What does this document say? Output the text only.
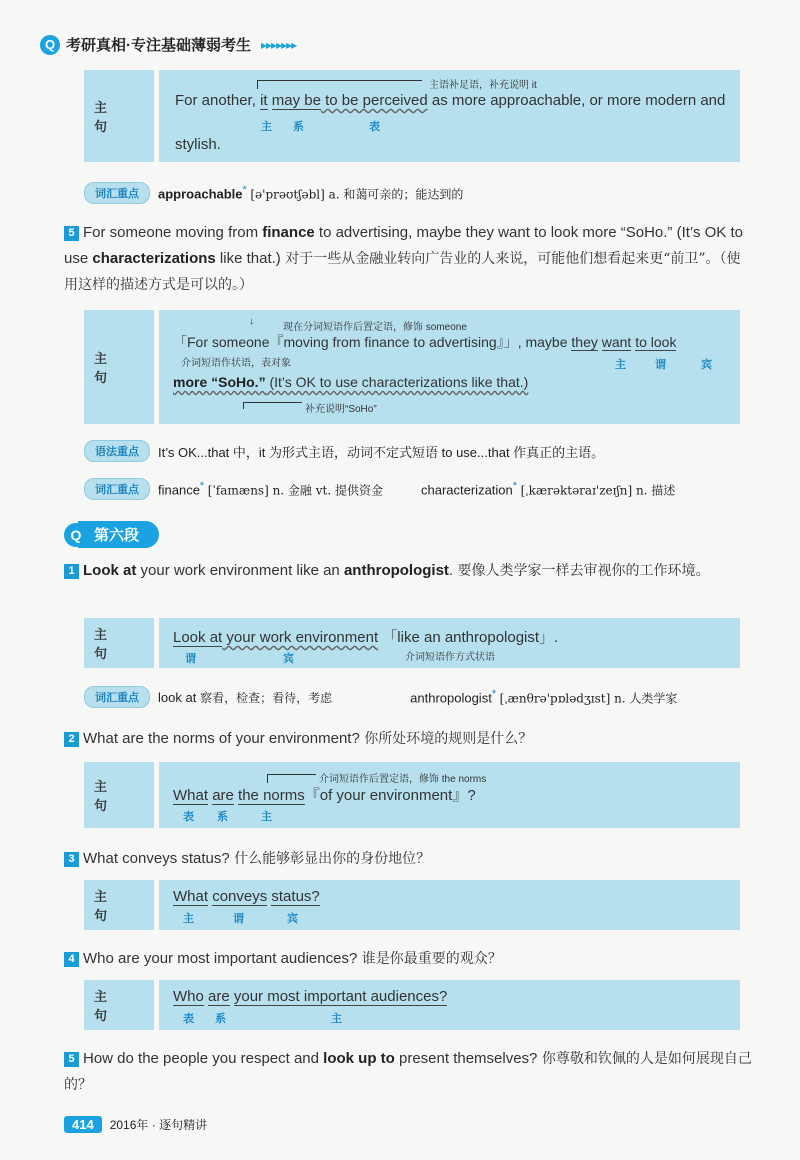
Q 考研真相·专注基础薄弱考生 ▸▸▸▸▸▸▸
主 句
主语补足语，补充说明 it
For another, it may be to be perceived as more approachable, or more modern and
主 系	表
stylish.
词汇重点	approachable* [ə'prəʊtʃəbl] a. 和蔼可亲的；能达到的
5 For someone moving from finance to advertising, maybe they want to look more “SoHo.” (It’s OK to use characterizations like that.) 对于一些从金融业转向广告业的人来说，可能他们想看起来更“前卫”。（使用这样的描述方式是可以的。）
主 句
↓
现在分词短语作后置定语，修饰 someone
「For someone『moving from finance to advertising』」, maybe they want to look
介词短语作状语，表对象	主	谓	宾
more “SoHo.” (It’s OK to use characterizations like that.)
补充说明“SoHo”
语法重点	It’s OK...that 中，it 为形式主语，动词不定式短语 to use...that 作真正的主语。
词汇重点	finance* [ˈfaɪnæns] n. 金融 vt. 提供资金	characterization* [ˌkærəktəraɪ'zeɪʃn] n. 描述
Q 第六段
1 Look at your work environment like an anthropologist. 要像人类学家一样去审视你的工作环境。
主 句
Look at your work environment 「like an anthropologist」.
谓	宾	介词短语作方式状语
词汇重点	look at 察看，检查；看待，考虑	anthropologist* [ˌænθrə'pɒlədʒɪst] n. 人类学家
2 What are the norms of your environment? 你所处环境的规则是什么？
主 句
介词短语作后置定语，修饰 the norms
What are the norms『of your environment』?
表 系	主
3 What conveys status? 什么能够彰显出你的身份地位？
主 句
What conveys status?
主	谓	宾
4 Who are your most important audiences? 谁是你最重要的观众？
主 句
Who are your most important audiences?
表 系	主
5 How do the people you respect and look up to present themselves? 你尊敬和钦佩的人是如何展现自己的？
414	2016年 · 逐句精讲
